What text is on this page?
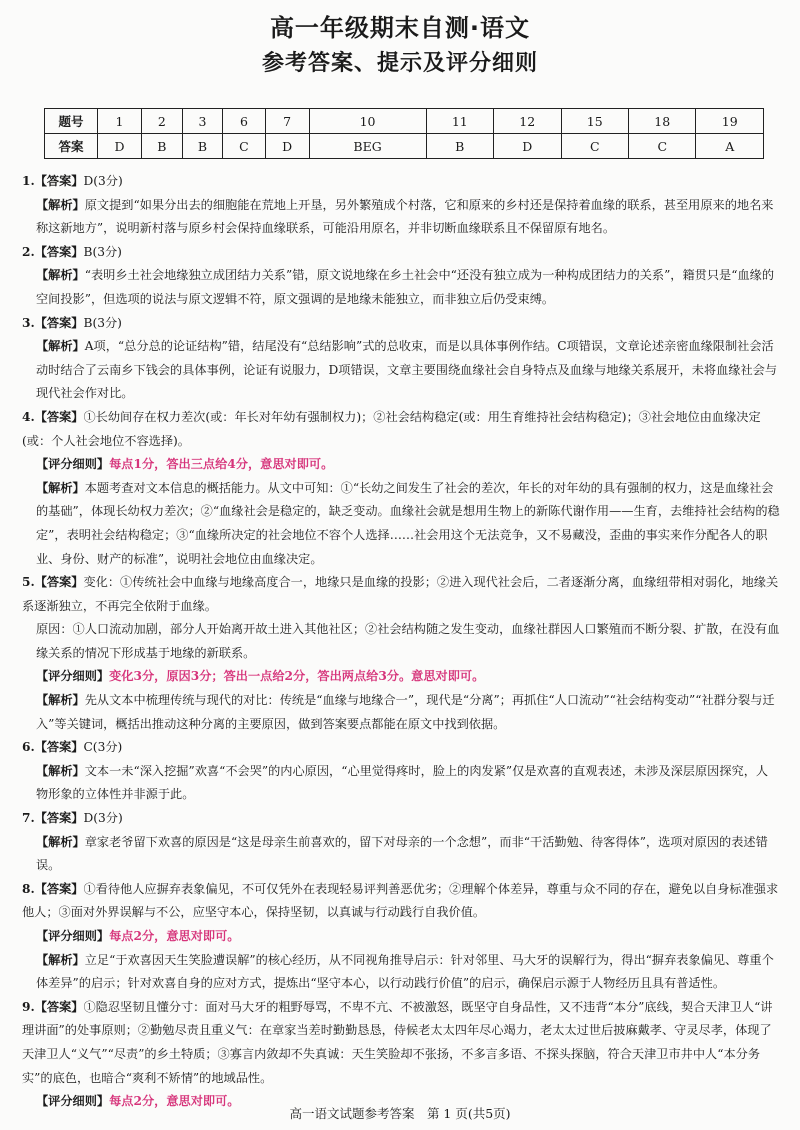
高一年级期末自测·语文
参考答案、提示及评分细则
题号	1	2	3	6	7	10	11	12	15	18	19
答案	D	B	B	C	D	BEG	B	D	C	C	A

1.【答案】D(3分)

【解析】原文提到“如果分出去的细胞能在荒地上开垦，另外繁殖成个村落，它和原来的乡村还是保持着血缘的联系，甚至用原来的地名来称这新地方”，说明新村落与原乡村会保持血缘联系，可能沿用原名，并非切断血缘联系且不保留原有地名。

2.【答案】B(3分)

【解析】“表明乡土社会地缘独立成团结力关系”错，原文说地缘在乡土社会中“还没有独立成为一种构成团结力的关系”，籍贯只是“血缘的空间投影”，但选项的说法与原文逻辑不符，原文强调的是地缘未能独立，而非独立后仍受束缚。

3.【答案】B(3分)

【解析】A项，“总分总的论证结构”错，结尾没有“总结影响”式的总收束，而是以具体事例作结。C项错误，文章论述亲密血缘限制社会活动时结合了云南乡下钱会的具体事例，论证有说服力，D项错误，文章主要围绕血缘社会自身特点及血缘与地缘关系展开，未将血缘社会与现代社会作对比。

4.【答案】①长幼间存在权力差次(或：年长对年幼有强制权力)；②社会结构稳定(或：用生育维持社会结构稳定)；③社会地位由血缘决定(或：个人社会地位不容选择)。

【评分细则】每点1分，答出三点给4分，意思对即可。

【解析】本题考查对文本信息的概括能力。从文中可知：①“长幼之间发生了社会的差次，年长的对年幼的具有强制的权力，这是血缘社会的基础”，体现长幼权力差次；②“血缘社会是稳定的，缺乏变动。血缘社会就是想用生物上的新陈代谢作用——生育，去维持社会结构的稳定”，表明社会结构稳定；③“血缘所决定的社会地位不容个人选择……社会用这个无法竞争，又不易藏没，歪曲的事实来作分配各人的职业、身份、财产的标准”，说明社会地位由血缘决定。

5.【答案】变化：①传统社会中血缘与地缘高度合一，地缘只是血缘的投影；②进入现代社会后，二者逐渐分离，血缘纽带相对弱化，地缘关系逐渐独立，不再完全依附于血缘。

原因：①人口流动加剧，部分人开始离开故土进入其他社区；②社会结构随之发生变动，血缘社群因人口繁殖而不断分裂、扩散，在没有血缘关系的情况下形成基于地缘的新联系。

【评分细则】变化3分，原因3分；答出一点给2分，答出两点给3分。意思对即可。

【解析】先从文本中梳理传统与现代的对比：传统是“血缘与地缘合一”，现代是“分离”；再抓住“人口流动”“社会结构变动”“社群分裂与迁入”等关键词，概括出推动这种分离的主要原因，做到答案要点都能在原文中找到依据。

6.【答案】C(3分)

【解析】文本一未“深入挖掘”欢喜“不会哭”的内心原因，“心里觉得疼时，脸上的肉发紧”仅是欢喜的直观表述，未涉及深层原因探究，人物形象的立体性并非源于此。

7.【答案】D(3分)

【解析】章家老爷留下欢喜的原因是“这是母亲生前喜欢的，留下对母亲的一个念想”，而非“干活勤勉、待客得体”，选项对原因的表述错误。

8.【答案】①看待他人应摒弃表象偏见，不可仅凭外在表现轻易评判善恶优劣；②理解个体差异，尊重与众不同的存在，避免以自身标准强求他人；③面对外界误解与不公，应坚守本心，保持坚韧，以真诚与行动践行自我价值。

【评分细则】每点2分，意思对即可。

【解析】立足“于欢喜因天生笑脸遭误解”的核心经历，从不同视角推导启示：针对邻里、马大牙的误解行为，得出“摒弃表象偏见、尊重个体差异”的启示；针对欢喜自身的应对方式，提炼出“坚守本心，以行动践行价值”的启示，确保启示源于人物经历且具有普适性。

9.【答案】①隐忍坚韧且懂分寸：面对马大牙的粗野辱骂，不卑不亢、不被激怒，既坚守自身品性，又不违背“本分”底线，契合天津卫人“讲理讲面”的处事原则；②勤勉尽责且重义气：在章家当差时勤勤恳恳，侍候老太太四年尽心竭力，老太太过世后披麻戴孝、守灵尽孝，体现了天津卫人“义气”“尽责”的乡土特质；③寡言内敛却不失真诚：天生笑脸却不张扬，不多言多语、不探头探脑，符合天津卫市井中人“本分务实”的底色，也暗合“爽利不矫情”的地域品性。

【评分细则】每点2分，意思对即可。

高一语文试题参考答案　第 1 页(共5页)
